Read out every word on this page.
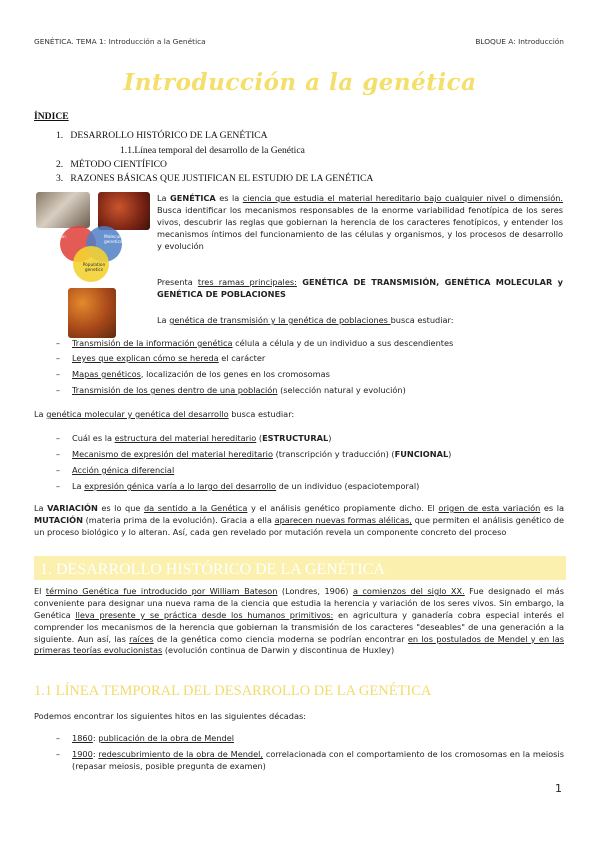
GENÉTICA. TEMA 1: Introducción a la Genética	BLOQUE A: Introducción
Introducción a la genética
ÍNDICE
1. DESARROLLO HISTÓRICO DE LA GENÉTICA
1.1.Línea temporal del desarrollo de la Genética
2. MÉTODO CIENTÍFICO
3. RAZONES BÁSICAS QUE JUSTIFICAN EL ESTUDIO DE LA GENÉTICA
Transmission genetics
Molecular genetics
Population genetics
La GENÉTICA es la ciencia que estudia el material hereditario bajo cualquier nivel o dimensión. Busca identificar los mecanismos responsables de la enorme variabilidad fenotípica de los seres vivos, descubrir las reglas que gobiernan la herencia de los caracteres fenotípicos, y entender los mecanismos íntimos del funcionamiento de las células y organismos, y los procesos de desarrollo y evolución
Presenta tres ramas principales: GENÉTICA DE TRANSMISIÓN, GENÉTICA MOLECULAR y GENÉTICA DE POBLACIONES
La genética de transmisión y la genética de poblaciones busca estudiar:
– Transmisión de la información genética célula a célula y de un individuo a sus descendientes
– Leyes que explican cómo se hereda el carácter
– Mapas genéticos, localización de los genes en los cromosomas
– Transmisión de los genes dentro de una población (selección natural y evolución)
La genética molecular y genética del desarrollo busca estudiar:
– Cuál es la estructura del material hereditario (ESTRUCTURAL)
– Mecanismo de expresión del material hereditario (transcripción y traducción) (FUNCIONAL)
– Acción génica diferencial
– La expresión génica varía a lo largo del desarrollo de un individuo (espaciotemporal)
La VARIACIÓN es lo que da sentido a la Genética y el análisis genético propiamente dicho. El origen de esta variación es la MUTACIÓN (materia prima de la evolución). Gracia a ella aparecen nuevas formas alélicas, que permiten el análisis genético de un proceso biológico y lo alteran. Así, cada gen revelado por mutación revela un componente concreto del proceso
1. DESARROLLO HISTÓRICO DE LA GENÉTICA
El término Genética fue introducido por William Bateson (Londres, 1906) a comienzos del siglo XX. Fue designado el más conveniente para designar una nueva rama de la ciencia que estudia la herencia y variación de los seres vivos. Sin embargo, la Genética lleva presente y se práctica desde los humanos primitivos: en agricultura y ganadería cobra especial interés el comprender los mecanismos de la herencia que gobiernan la transmisión de los caracteres "deseables" de una generación a la siguiente. Aun así, las raíces de la genética como ciencia moderna se podrían encontrar en los postulados de Mendel y en las primeras teorías evolucionistas (evolución continua de Darwin y discontinua de Huxley)
1.1 LÍNEA TEMPORAL DEL DESARROLLO DE LA GENÉTICA
Podemos encontrar los siguientes hitos en las siguientes décadas:
– 1860: publicación de la obra de Mendel
–	1900: redescubrimiento de la obra de Mendel, correlacionada con el comportamiento de los cromosomas en la meiosis (repasar meiosis, posible pregunta de examen)
1
